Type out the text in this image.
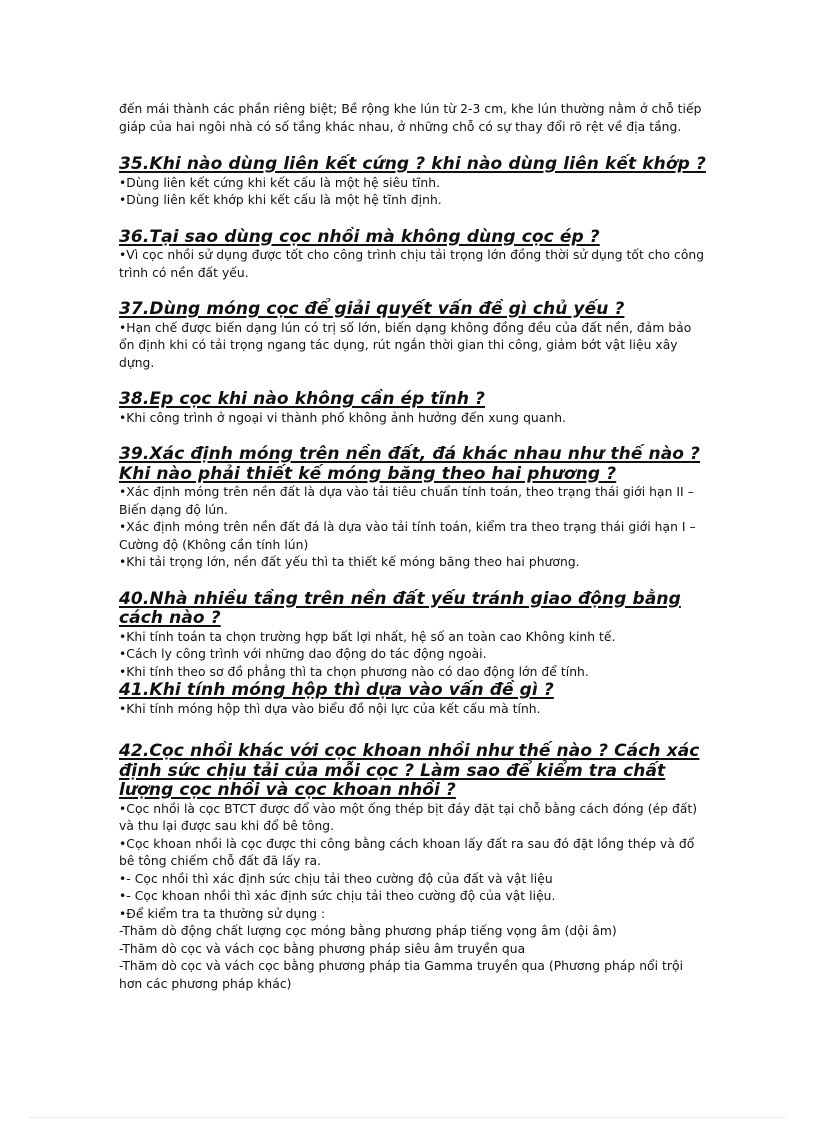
đến mái thành các phần riêng biệt; Bề rộng khe lún từ 2-3 cm, khe lún thường nằm ở chỗ tiếp giáp của hai ngôi nhà có số tầng khác nhau, ở những chỗ có sự thay đổi rõ rệt về địa tầng.

35.Khi nào dùng liên kết cứng ? khi nào dùng liên kết khớp ?

•Dùng liên kết cứng khi kết cấu là một hệ siêu tĩnh.

•Dùng liên kết khớp khi kết cấu là một hệ tĩnh định.

36.Tại sao dùng cọc nhồi mà không dùng cọc ép ?

•Vì cọc nhồi sử dụng được tốt cho công trình chịu tải trọng lớn đồng thời sử dụng tốt cho công trình có nền đất yếu.

37.Dùng móng cọc để giải quyết vấn đề gì chủ yếu ?

•Hạn chế được biến dạng lún có trị số lớn, biến dạng không đồng đều của đất nền, đảm bảo ổn định khi có tải trọng ngang tác dụng, rút ngắn thời gian thi công, giảm bớt vật liệu xây dựng.

38.Ep cọc khi nào không cần ép tĩnh ?

•Khi công trình ở ngoại vi thành phố không ảnh hưởng đến xung quanh.

39.Xác định móng trên nền đất, đá khác nhau như thế nào ? Khi nào phải thiết kế móng băng theo hai phương ?

•Xác định móng trên nền đất là dựa vào tải tiêu chuẩn tính toán, theo trạng thái giới hạn II – Biến dạng độ lún.

•Xác định móng trên nền đất đá là dựa vào tải tính toán, kiểm tra theo trạng thái giới hạn I – Cường độ (Không cần tính lún)

•Khi tải trọng lớn, nền đất yếu thì ta thiết kế móng băng theo hai phương.

40.Nhà nhiều tầng trên nền đất yếu tránh giao động bằng cách nào ?

•Khi tính toán ta chọn trường hợp bất lợi nhất, hệ số an toàn cao Không kinh tế.

•Cách ly công trình với những dao động do tác động ngoài.

•Khi tính theo sơ đồ phẳng thì ta chọn phương nào có dao động lớn để tính.

41.Khi tính móng hộp thì dựa vào vấn đề gì ?

•Khi tính móng hộp thì dựa vào biểu đồ nội lực của kết cấu mà tính.

42.Cọc nhồi khác với cọc khoan nhồi như thế nào ? Cách xác định sức chịu tải của mỗi cọc ? Làm sao để kiểm tra chất lượng cọc nhồi và cọc khoan nhồi ?

•Cọc nhồi là cọc BTCT được đổ vào một ống thép bịt đáy đặt tại chỗ bằng cách đóng (ép đất) và thu lại được sau khi đổ bê tông.

•Cọc khoan nhồi là cọc được thi công bằng cách khoan lấy đất ra sau đó đặt lồng thép và đổ bê tông chiếm chỗ đất đã lấy ra.

•- Cọc nhồi thì xác định sức chịu tải theo cường độ của đất và vật liệu

•- Cọc khoan nhồi thì xác định sức chịu tải theo cường độ của vật liệu.

•Để kiểm tra ta thường sử dụng :

-Thăm dò động chất lượng cọc móng bằng phương pháp tiếng vọng âm (dội âm)

-Thăm dò cọc và vách cọc bằng phương pháp siêu âm truyền qua

-Thăm dò cọc và vách cọc bằng phương pháp tia Gamma truyền qua (Phương pháp nổi trội hơn các phương pháp khác)
